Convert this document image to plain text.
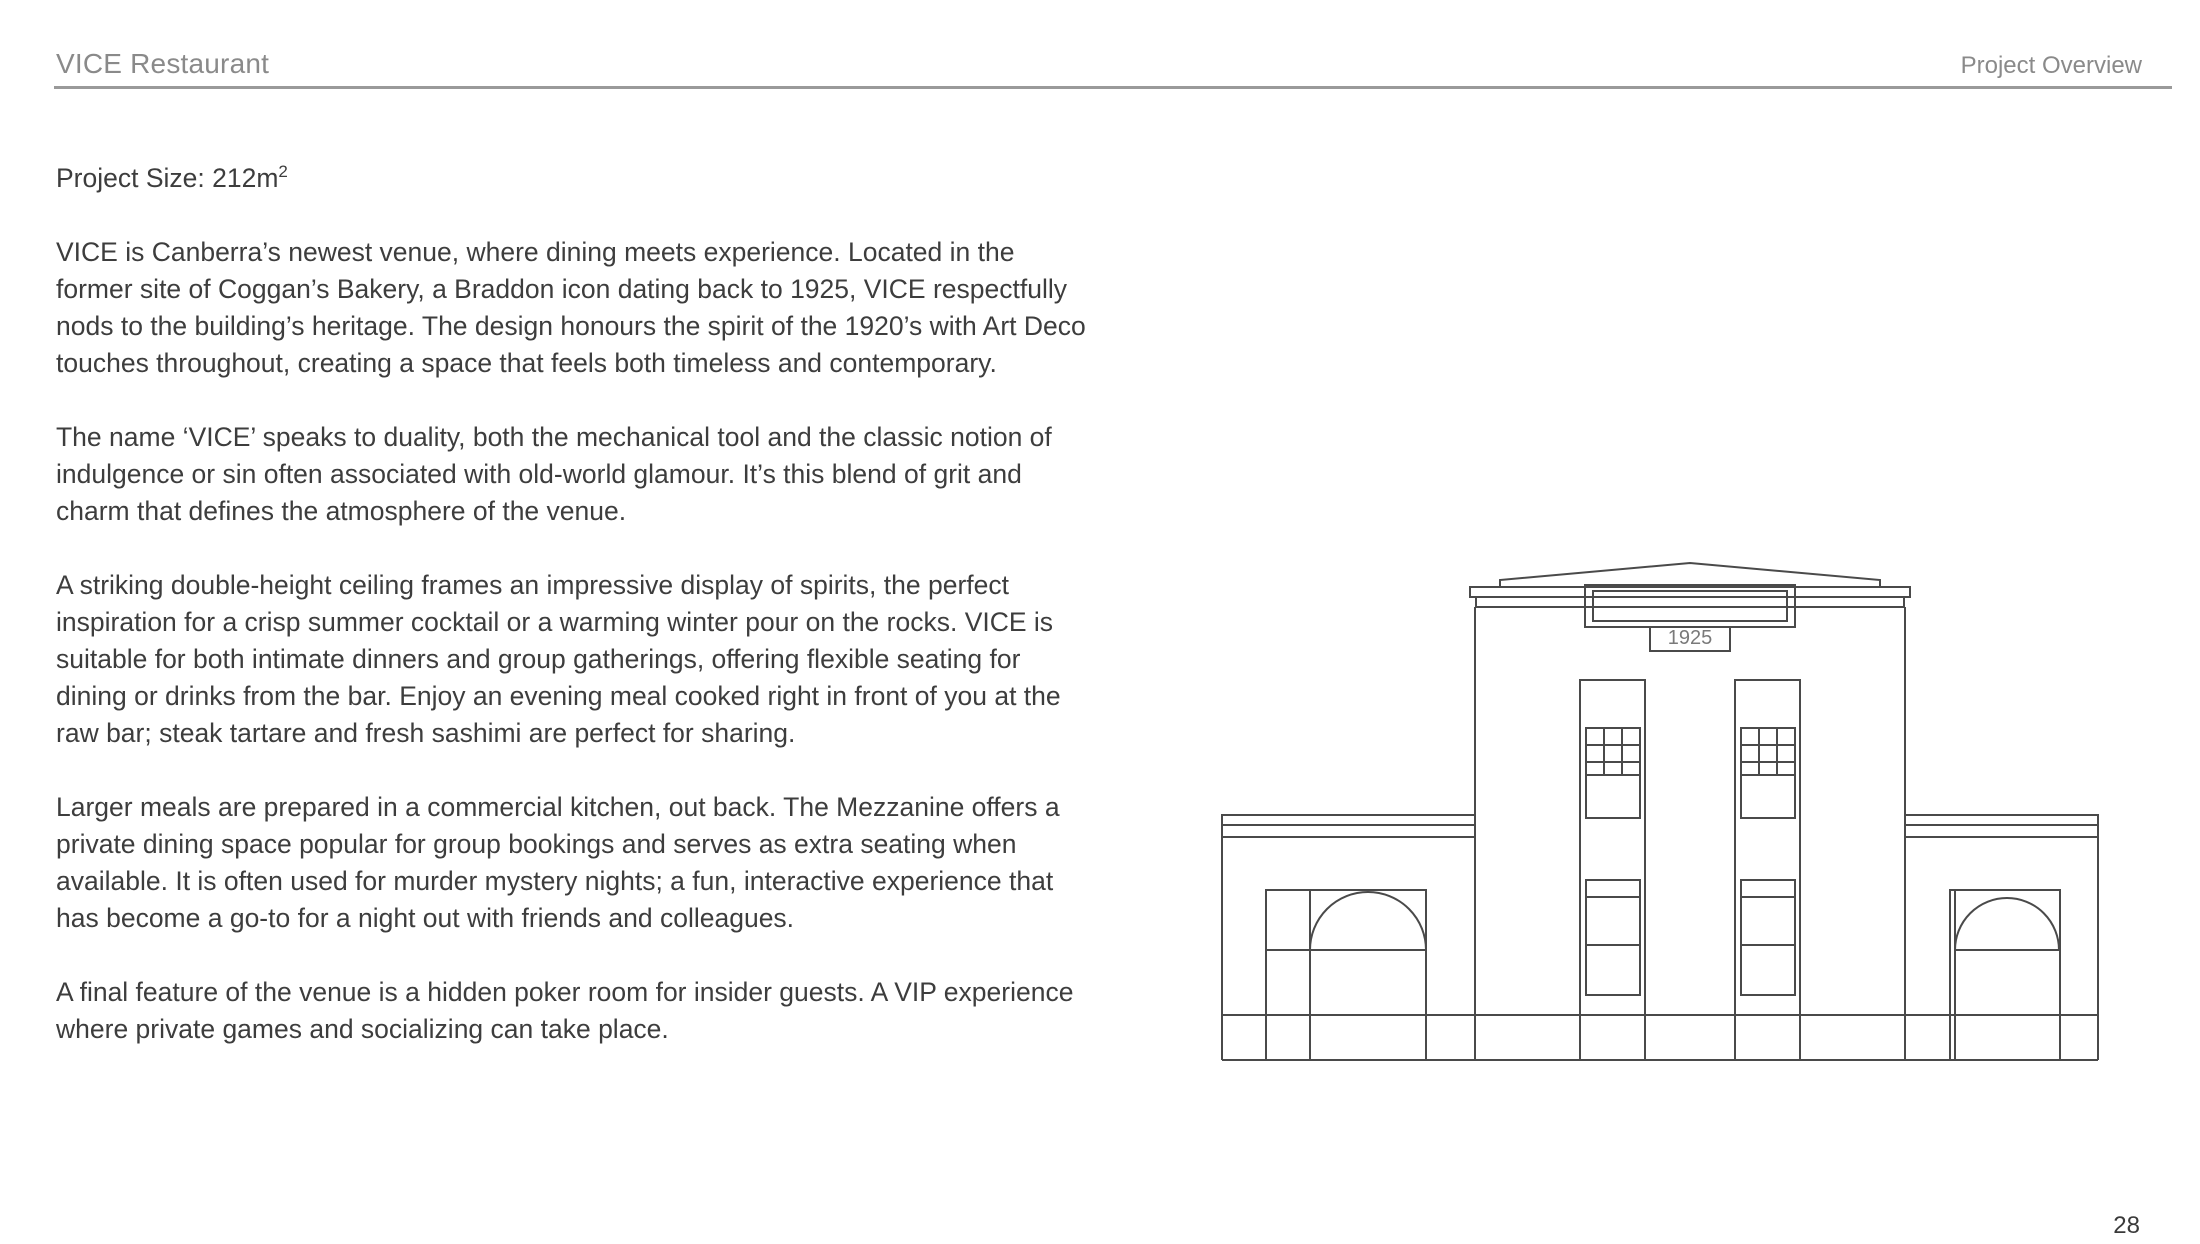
VICE Restaurant	Project Overview

Project Size: $212m^2$

VICE is Canberra’s newest venue, where dining meets experience. Located in the former site of Coggan’s Bakery, a Braddon icon dating back to 1925, VICE respectfully nods to the building’s heritage. The design honours the spirit of the 1920’s with Art Deco touches throughout, creating a space that feels both timeless and contemporary.

The name ‘VICE’ speaks to duality, both the mechanical tool and the classic notion of indulgence or sin often associated with old-world glamour. It’s this blend of grit and charm that defines the atmosphere of the venue.

A striking double-height ceiling frames an impressive display of spirits, the perfect inspiration for a crisp summer cocktail or a warming winter pour on the rocks. VICE is suitable for both intimate dinners and group gatherings, offering flexible seating for dining or drinks from the bar. Enjoy an evening meal cooked right in front of you at the raw bar; steak tartare and fresh sashimi are perfect for sharing.

Larger meals are prepared in a commercial kitchen, out back. The Mezzanine offers a private dining space popular for group bookings and serves as extra seating when available. It is often used for murder mystery nights; a fun, interactive experience that has become a go-to for a night out with friends and colleagues.

A final feature of the venue is a hidden poker room for insider guests. A VIP experience where private games and socializing can take place.

1925
28
